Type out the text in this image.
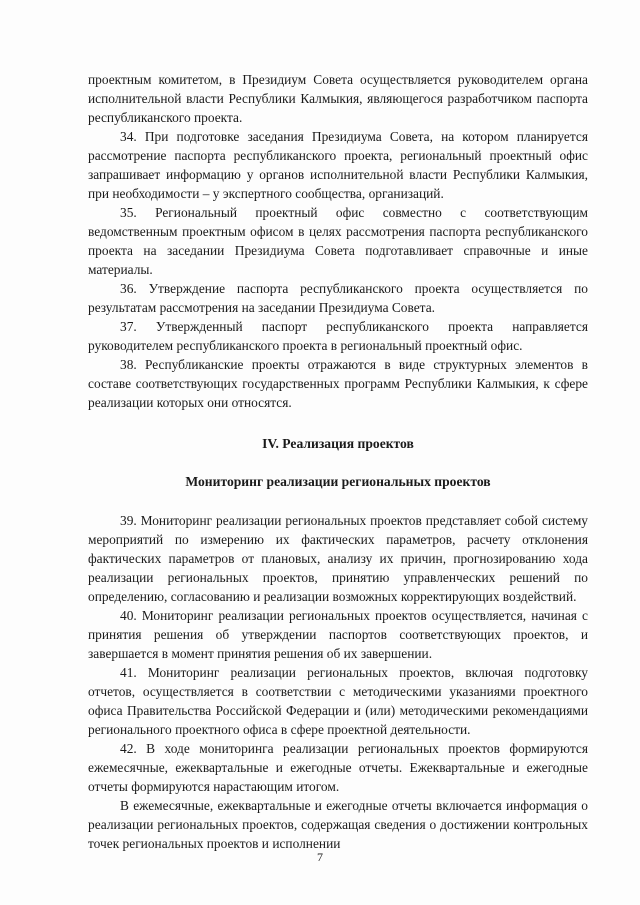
проектным комитетом, в Президиум Совета осуществляется руководителем органа исполнительной власти Республики Калмыкия, являющегося разработчиком паспорта республиканского проекта.

34. При подготовке заседания Президиума Совета, на котором планируется рассмотрение паспорта республиканского проекта, региональный проектный офис запрашивает информацию у органов исполнительной власти Республики Калмыкия, при необходимости – у экспертного сообщества, организаций.

35. Региональный проектный офис совместно с соответствующим ведомственным проектным офисом в целях рассмотрения паспорта республиканского проекта на заседании Президиума Совета подготавливает справочные и иные материалы.

36. Утверждение паспорта республиканского проекта осуществляется по результатам рассмотрения на заседании Президиума Совета.

37. Утвержденный паспорт республиканского проекта направляется руководителем республиканского проекта в региональный проектный офис.

38. Республиканские проекты отражаются в виде структурных элементов в составе соответствующих государственных программ Республики Калмыкия, к сфере реализации которых они относятся.

IV. Реализация проектов
Мониторинг реализации региональных проектов

39. Мониторинг реализации региональных проектов представляет собой систему мероприятий по измерению их фактических параметров, расчету отклонения фактических параметров от плановых, анализу их причин, прогнозированию хода реализации региональных проектов, принятию управленческих решений по определению, согласованию и реализации возможных корректирующих воздействий.

40. Мониторинг реализации региональных проектов осуществляется, начиная с принятия решения об утверждении паспортов соответствующих проектов, и завершается в момент принятия решения об их завершении.

41. Мониторинг реализации региональных проектов, включая подготовку отчетов, осуществляется в соответствии с методическими указаниями проектного офиса Правительства Российской Федерации и (или) методическими рекомендациями регионального проектного офиса в сфере проектной деятельности.

42. В ходе мониторинга реализации региональных проектов формируются ежемесячные, ежеквартальные и ежегодные отчеты. Ежеквартальные и ежегодные отчеты формируются нарастающим итогом.

В ежемесячные, ежеквартальные и ежегодные отчеты включается информация о реализации региональных проектов, содержащая сведения о достижении контрольных точек региональных проектов и исполнении

7
